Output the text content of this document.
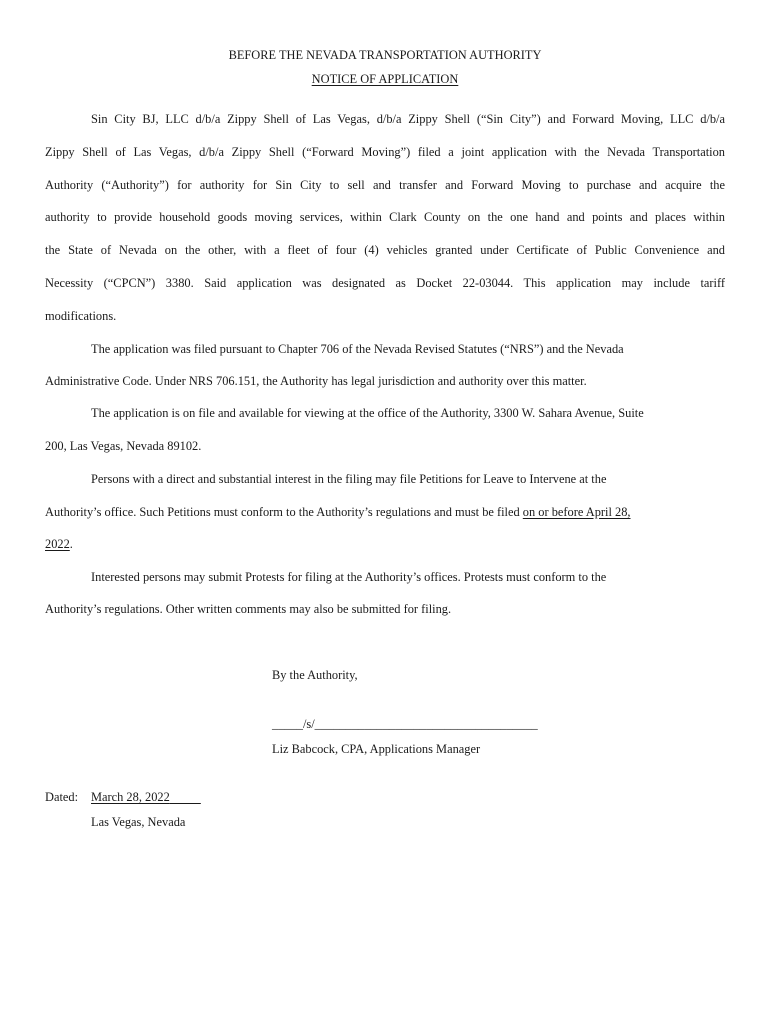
BEFORE THE NEVADA TRANSPORTATION AUTHORITY
NOTICE OF APPLICATION
Sin City BJ, LLC d/b/a Zippy Shell of Las Vegas, d/b/a Zippy Shell (“Sin City”) and Forward Moving, LLC d/b/a
Zippy Shell of Las Vegas, d/b/a Zippy Shell (“Forward Moving”) filed a joint application with the Nevada Transportation
Authority (“Authority”) for authority for Sin City to sell and transfer and Forward Moving to purchase and acquire the
authority to provide household goods moving services, within Clark County on the one hand and points and places within
the State of Nevada on the other, with a fleet of four (4) vehicles granted under Certificate of Public Convenience and
Necessity (“CPCN”) 3380. Said application was designated as Docket 22-03044. This application may include tariff
modifications.
The application was filed pursuant to Chapter 706 of the Nevada Revised Statutes (“NRS”) and the Nevada
Administrative Code. Under NRS 706.151, the Authority has legal jurisdiction and authority over this matter.
The application is on file and available for viewing at the office of the Authority, 3300 W. Sahara Avenue, Suite
200, Las Vegas, Nevada 89102.
Persons with a direct and substantial interest in the filing may file Petitions for Leave to Intervene at the
Authority’s office. Such Petitions must conform to the Authority’s regulations and must be filed on or before April 28,
2022.
Interested persons may submit Protests for filing at the Authority’s offices. Protests must conform to the
Authority’s regulations. Other written comments may also be submitted for filing.
By the Authority,
_____/s/____________________________________
Liz Babcock, CPA, Applications Manager
Dated: March 28, 2022
Las Vegas, Nevada
